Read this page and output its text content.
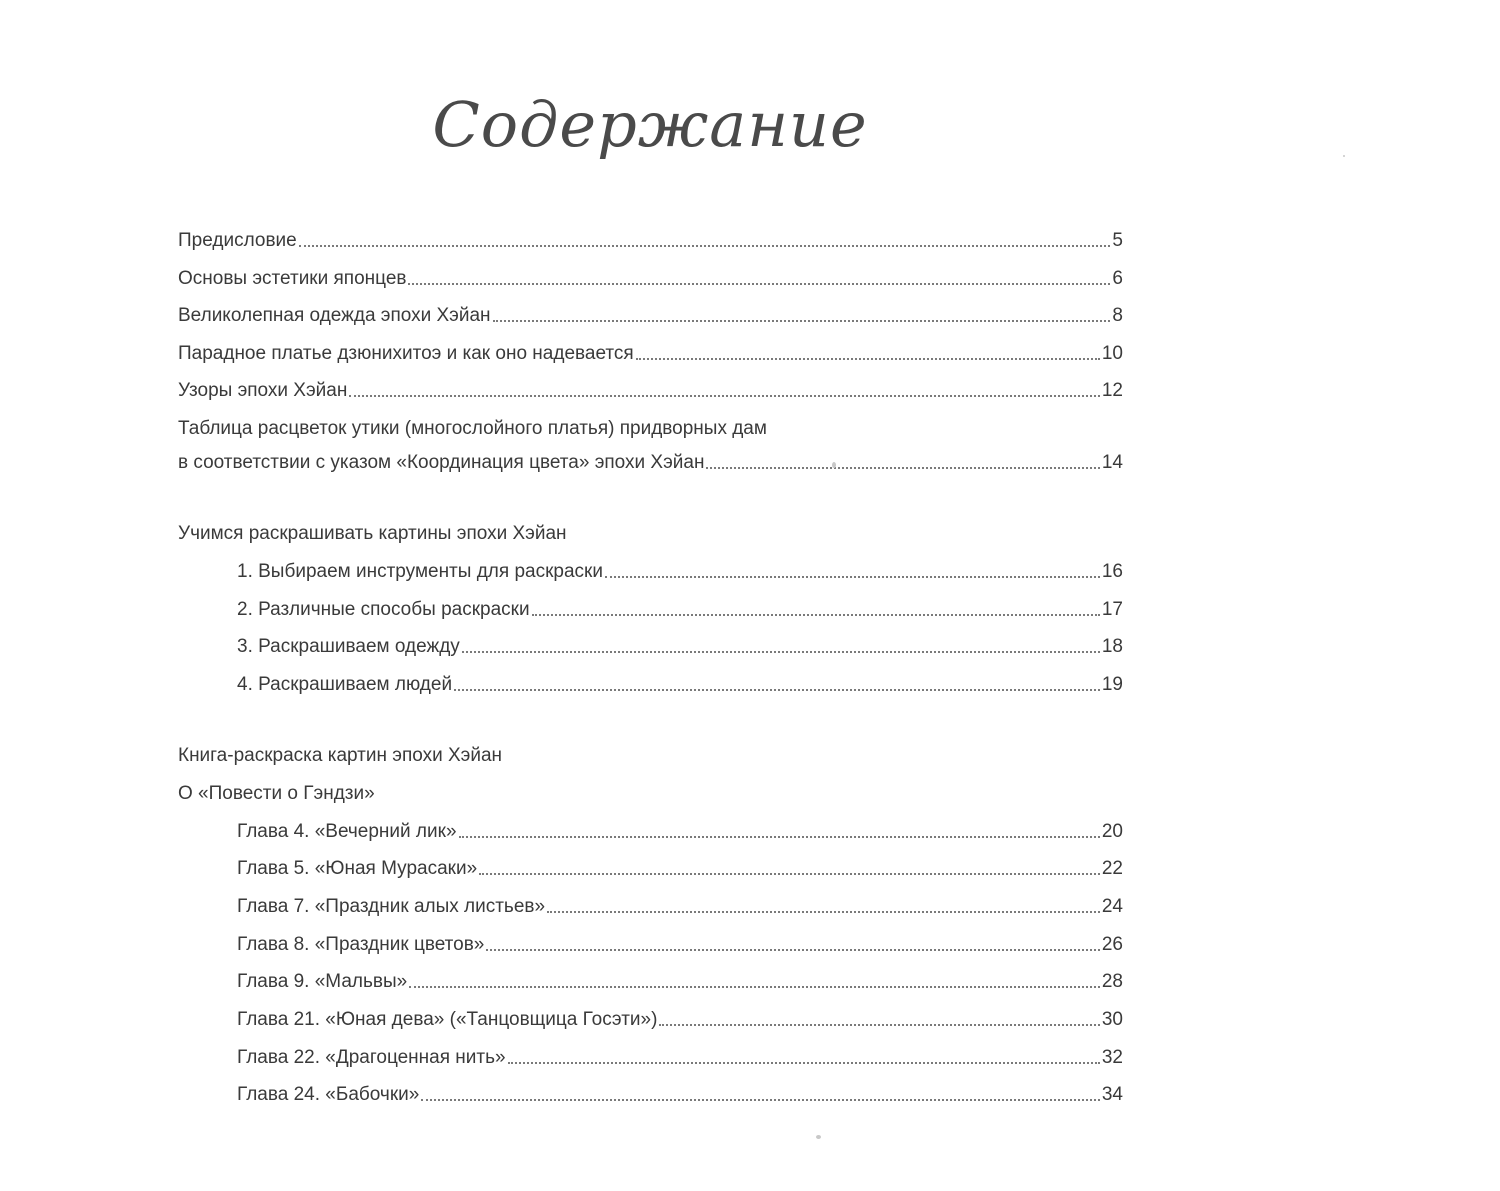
Содержание
Предисловие	5
Основы эстетики японцев	6
Великолепная одежда эпохи Хэйан	8
Парадное платье дзюнихитоэ и как оно надевается	10
Узоры эпохи Хэйан	12
Таблица расцветок утики (многослойного платья) придворных дам
в соответствии с указом «Координация цвета» эпохи Хэйан	14
Учимся раскрашивать картины эпохи Хэйан
1. Выбираем инструменты для раскраски	16
2. Различные способы раскраски	17
3. Раскрашиваем одежду	18
4. Раскрашиваем людей	19
Книга-раскраска картин эпохи Хэйан
О «Повести о Гэндзи»
Глава 4. «Вечерний лик»	20
Глава 5. «Юная Мурасаки»	22
Глава 7. «Праздник алых листьев»	24
Глава 8. «Праздник цветов»	26
Глава 9. «Мальвы»	28
Глава 21. «Юная дева» («Танцовщица Госэти»)	30
Глава 22. «Драгоценная нить»	32
Глава 24. «Бабочки»	34
